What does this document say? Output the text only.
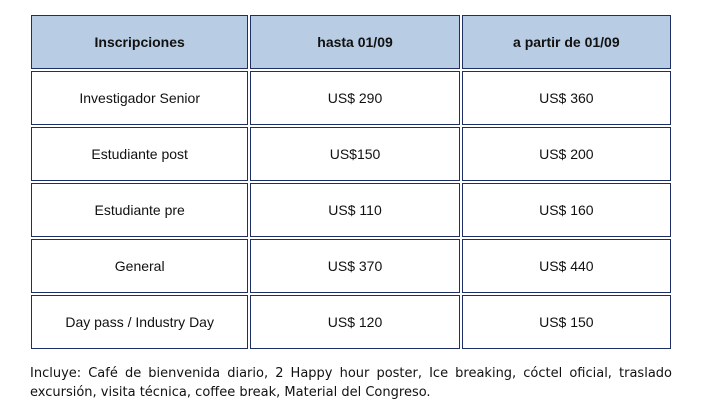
Inscripciones	hasta 01/09	a partir de 01/09
Investigador Senior	US$ 290	US$ 360
Estudiante post	US$150	US$ 200
Estudiante pre	US$ 110	US$ 160
General	US$ 370	US$ 440
Day pass / Industry Day	US$ 120	US$ 150

Incluye: Café de bienvenida diario, 2 Happy hour poster, Ice breaking, cóctel oficial, traslado excursión, visita técnica, coffee break, Material del Congreso.
